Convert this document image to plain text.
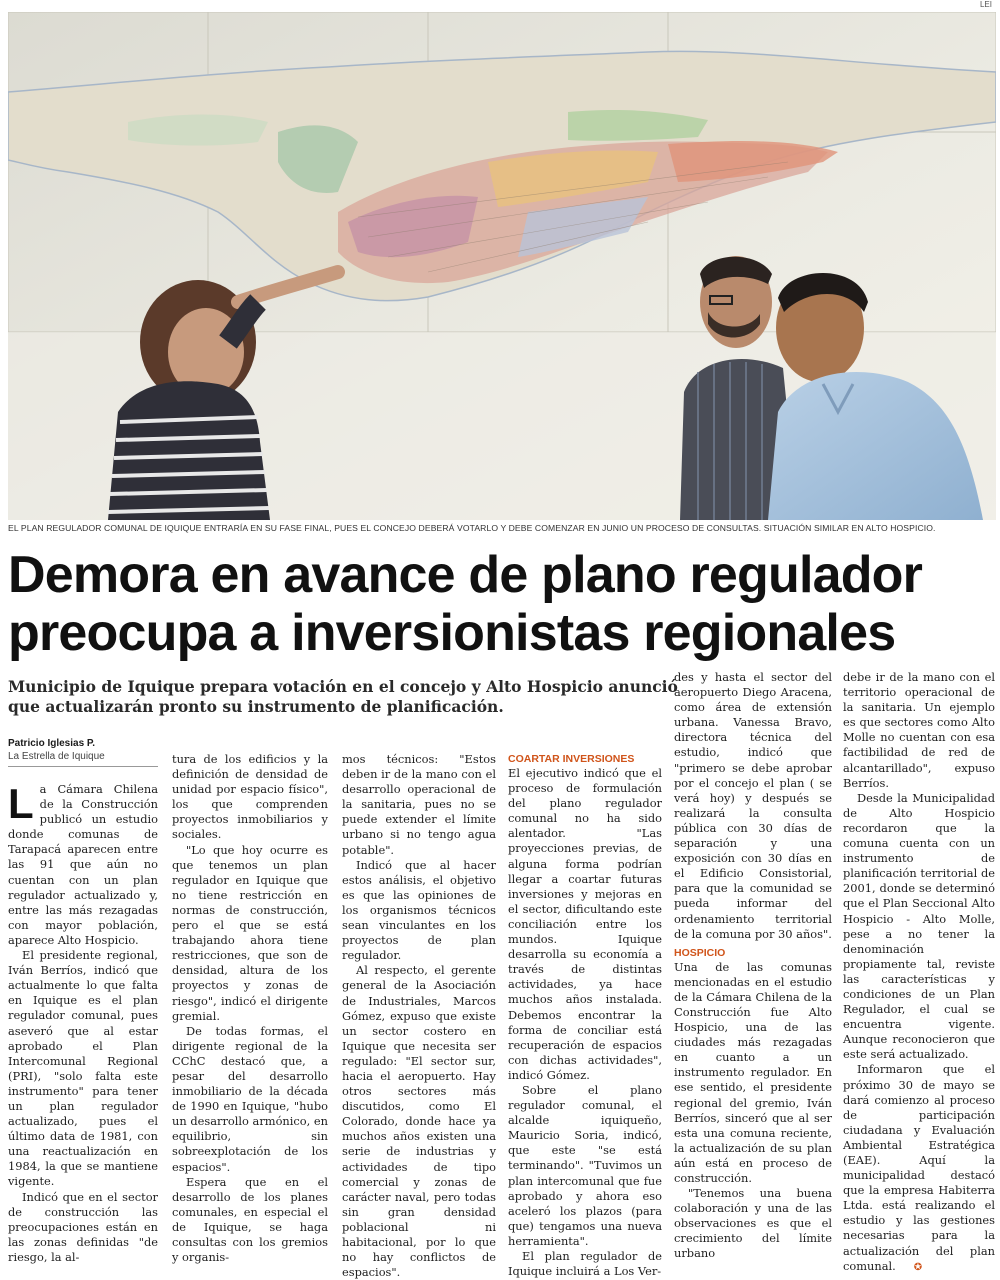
LEI
EL PLAN REGULADOR COMUNAL DE IQUIQUE ENTRARÍA EN SU FASE FINAL, PUES EL CONCEJO DEBERÁ VOTARLO Y DEBE COMENZAR EN JUNIO UN PROCESO DE CONSULTAS. SITUACIÓN SIMILAR EN ALTO HOSPICIO.
Demora en avance de plano regulador
preocupa a inversionistas regionales
Municipio de Iquique prepara votación en el concejo y Alto Hospicio anunció
que actualizarán pronto su instrumento de planificación.
Patricio Iglesias P.
La Estrella de Iquique

La Cámara Chilena de la Construcción publicó un estudio donde comunas de Tarapacá aparecen entre las 91 que aún no cuentan con un plan regulador actualizado y, entre las más rezagadas con mayor población, aparece Alto Hospicio.

El presidente regional, Iván Berríos, indicó que actualmente lo que falta en Iquique es el plan regulador comunal, pues aseveró que al estar aprobado el Plan Intercomunal Regional (PRI), "solo falta este instrumento" para tener un plan regulador actualizado, pues el último data de 1981, con una reactualización en 1984, la que se mantiene vigente.

Indicó que en el sector de construcción las preocupaciones están en las zonas definidas "de riesgo, la al-

tura de los edificios y la definición de densidad de unidad por espacio físico", los que comprenden proyectos inmobiliarios y sociales.

"Lo que hoy ocurre es que tenemos un plan regulador en Iquique que no tiene restricción en normas de construcción, pero el que se está trabajando ahora tiene restricciones, que son de densidad, altura de los proyectos y zonas de riesgo", indicó el dirigente gremial.

De todas formas, el dirigente regional de la CChC destacó que, a pesar del desarrollo inmobiliario de la década de 1990 en Iquique, "hubo un desarrollo armónico, en equilibrio, sin sobreexplotación de los espacios".

Espera que en el desarrollo de los planes comunales, en especial el de Iquique, se haga consultas con los gremios y organis-

mos técnicos: "Estos deben ir de la mano con el desarrollo operacional de la sanitaria, pues no se puede extender el límite urbano si no tengo agua potable".

Indicó que al hacer estos análisis, el objetivo es que las opiniones de los organismos técnicos sean vinculantes en los proyectos de plan regulador.

Al respecto, el gerente general de la Asociación de Industriales, Marcos Gómez, expuso que existe un sector costero en Iquique que necesita ser regulado: "El sector sur, hacia el aeropuerto. Hay otros sectores más discutidos, como El Colorado, donde hace ya muchos años existen una serie de industrias y actividades de tipo comercial y zonas de carácter naval, pero todas sin gran densidad poblacional ni habitacional, por lo que no hay conflictos de espacios".

COARTAR INVERSIONES

El ejecutivo indicó que el proceso de formulación del plano regulador comunal no ha sido alentador. "Las proyecciones previas, de alguna forma podrían llegar a coartar futuras inversiones y mejoras en el sector, dificultando este conciliación entre los mundos. Iquique desarrolla su economía a través de distintas actividades, ya hace muchos años instalada. Debemos encontrar la forma de conciliar está recuperación de espacios con dichas actividades", indicó Gómez.

Sobre el plano regulador comunal, el alcalde iquiqueño, Mauricio Soria, indicó, que este "se está terminando". "Tuvimos un plan intercomunal que fue aprobado y ahora eso aceleró los plazos (para que) tengamos una nueva herramienta".

El plan regulador de Iquique incluirá a Los Ver-

des y hasta el sector del aeropuerto Diego Aracena, como área de extensión urbana. Vanessa Bravo, directora técnica del estudio, indicó que "primero se debe aprobar por el concejo el plan ( se verá hoy) y después se realizará la consulta pública con 30 días de separación y una exposición con 30 días en el Edificio Consistorial, para que la comunidad se pueda informar del ordenamiento territorial de la comuna por 30 años".

HOSPICIO

Una de las comunas mencionadas en el estudio de la Cámara Chilena de la Construcción fue Alto Hospicio, una de las ciudades más rezagadas en cuanto a un instrumento regulador. En ese sentido, el presidente regional del gremio, Iván Berríos, sinceró que al ser esta una comuna reciente, la actualización de su plan aún está en proceso de construcción.

"Tenemos una buena colaboración y una de las observaciones es que el crecimiento del límite urbano

debe ir de la mano con el territorio operacional de la sanitaria. Un ejemplo es que sectores como Alto Molle no cuentan con esa factibilidad de red de alcantarillado", expuso Berríos.

Desde la Municipalidad de Alto Hospicio recordaron que la comuna cuenta con un instrumento de planificación territorial de 2001, donde se determinó que el Plan Seccional Alto Hospicio - Alto Molle, pese a no tener la denominación propiamente tal, reviste las características y condiciones de un Plan Regulador, el cual se encuentra vigente. Aunque reconocieron que este será actualizado.

Informaron que el próximo 30 de mayo se dará comienzo al proceso de participación ciudadana y Evaluación Ambiental Estratégica (EAE). Aquí la municipalidad destacó que la empresa Habiterra Ltda. está realizando el estudio y las gestiones necesarias para la actualización del plan comunal. ✪
